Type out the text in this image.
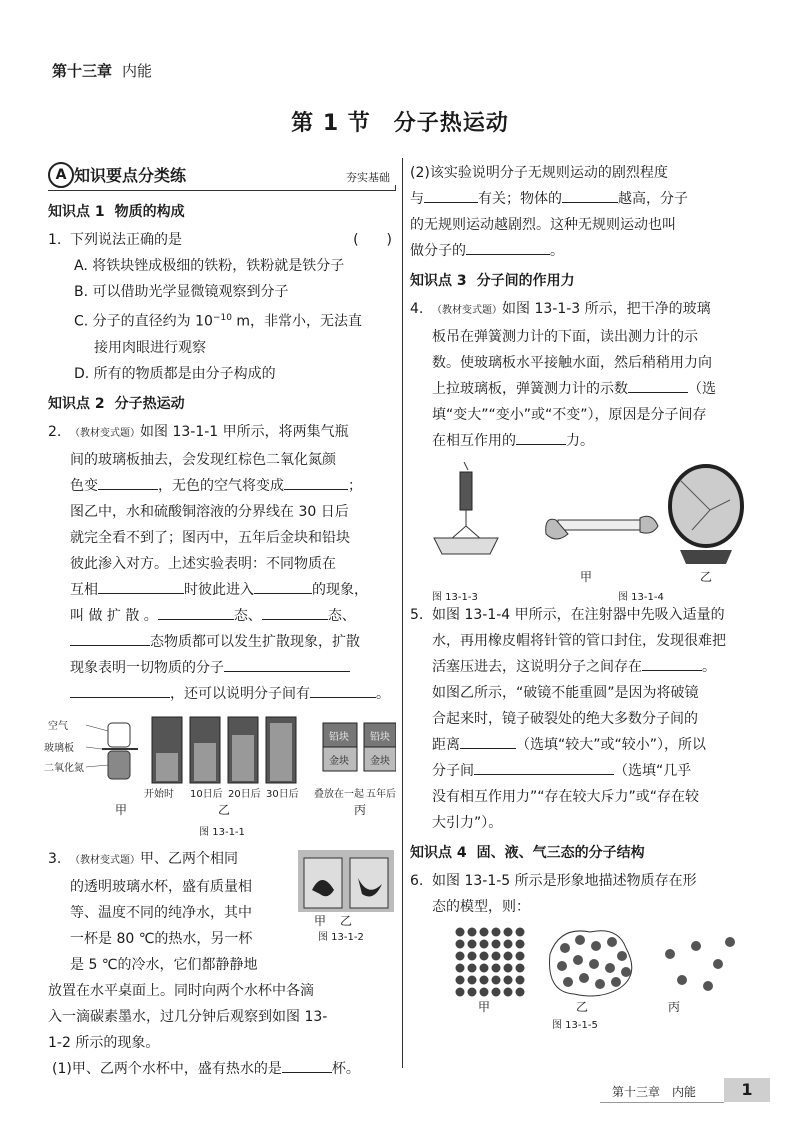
第十三章 内能
第 1 节　分子热运动
A 知识要点分类练	夯实基础
知识点 1 物质的构成
1. 下列说法正确的是	(　　)
A. 将铁块锉成极细的铁粉，铁粉就是铁分子
B. 可以借助光学显微镜观察到分子
C. 分子的直径约为 $10^{-10}$ m，非常小，无法直
接用肉眼进行观察
D. 所有的物质都是由分子构成的
知识点 2 分子热运动
2. （教材变式题）如图 13-1-1 甲所示，将两集气瓶
间的玻璃板抽去，会发现红棕色二氧化氮颜
色变	，无色的空气将变成	；
图乙中，水和硫酸铜溶液的分界线在 30 日后
就完全看不到了；图丙中，五年后金块和铅块
彼此渗入对方。上述实验表明：不同物质在
互相	时彼此进入	的现象，
叫 做 扩 散 。	态、	态、
态物质都可以发生扩散现象，扩散
现象表明一切物质的分子
，还可以说明分子间有	。
空气
玻璃板
二氧化氮
铅块
金块
铅块
金块
开始时 10日后 20日后 30日后 叠放在一起 五年后
甲	乙	丙
图 13-1-1
3. （教材变式题）甲、乙两个相同
的透明玻璃水杯，盛有质量相
等、温度不同的纯净水，其中
一杯是 80 ℃的热水，另一杯
是 5 ℃的冷水，它们都静静地
放置在水平桌面上。同时向两个水杯中各滴
入一滴碳素墨水，过几分钟后观察到如图 13-
1-2 所示的现象。
(1)甲、乙两个水杯中，盛有热水的是	杯。
甲 乙
图 13-1-2
(2)该实验说明分子无规则运动的剧烈程度
与	有关；物体的	越高，分子
的无规则运动越剧烈。这种无规则运动也叫
做分子的	。
知识点 3 分子间的作用力
4. （教材变式题）如图 13-1-3 所示，把干净的玻璃
板吊在弹簧测力计的下面，读出测力计的示
数。使玻璃板水平接触水面，然后稍稍用力向
上拉玻璃板，弹簧测力计的示数	（选
填“变大”“变小”或“不变”），原因是分子间存
在相互作用的	力。
甲	乙
图 13-1-3	图 13-1-4
5. 如图 13-1-4 甲所示，在注射器中先吸入适量的
水，再用橡皮帽将针管的管口封住，发现很难把
活塞压进去，这说明分子之间存在	。
如图乙所示，“破镜不能重圆”是因为将破镜
合起来时，镜子破裂处的绝大多数分子间的
距离	（选填“较大”或“较小”），所以
分子间	（选填“几乎
没有相互作用力”“存在较大斥力”或“存在较
大引力”）。
知识点 4 固、液、气三态的分子结构
6. 如图 13-1-5 所示是形象地描述物质存在形
态的模型，则：
甲	乙	丙
图 13-1-5
第十三章　内能	1
